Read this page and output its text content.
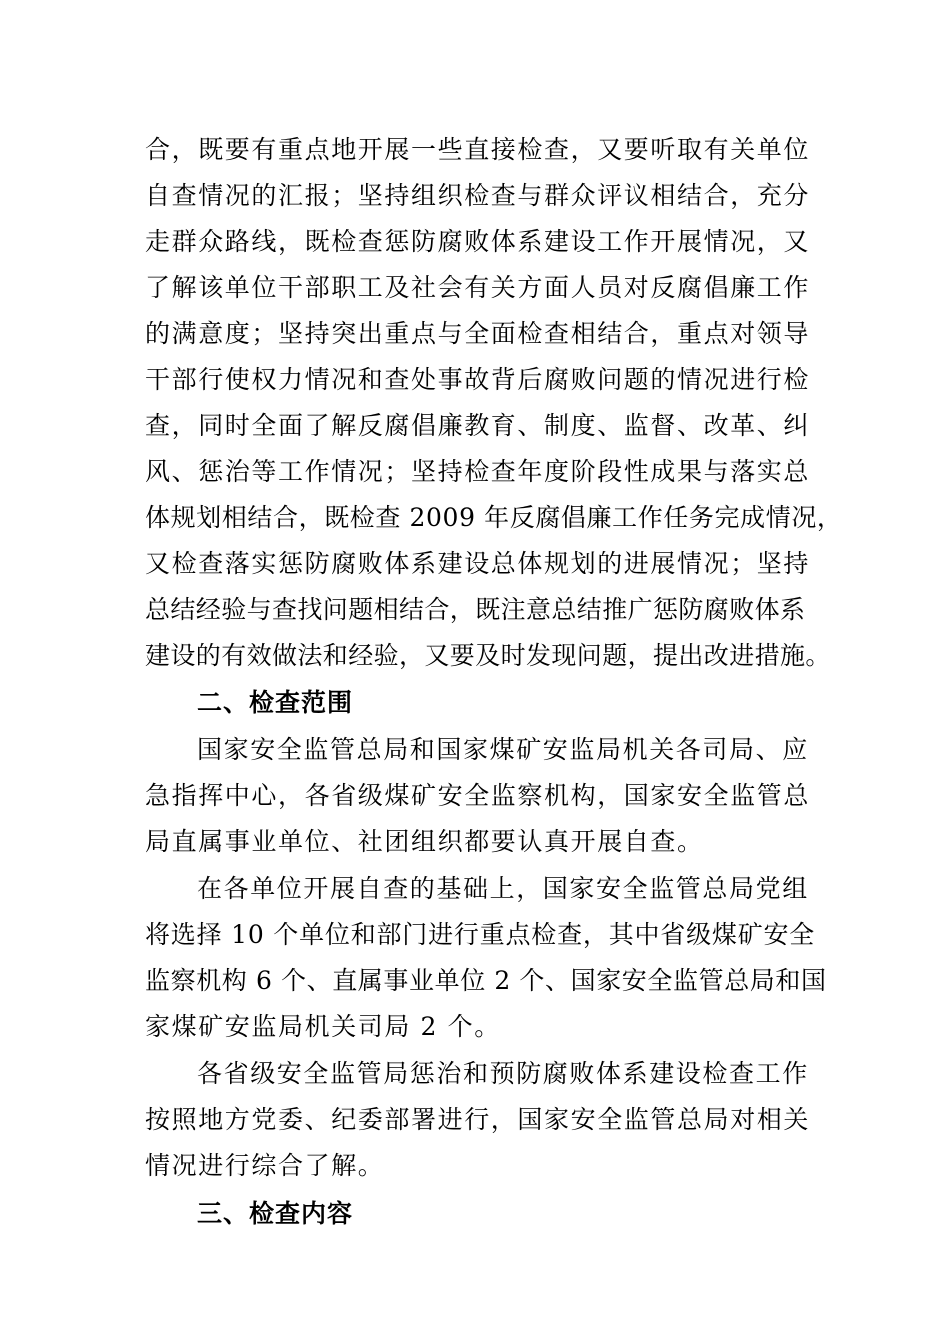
合，既要有重点地开展一些直接检查，又要听取有关单位
自查情况的汇报；坚持组织检查与群众评议相结合，充分
走群众路线，既检查惩防腐败体系建设工作开展情况，又
了解该单位干部职工及社会有关方面人员对反腐倡廉工作
的满意度；坚持突出重点与全面检查相结合，重点对领导
干部行使权力情况和查处事故背后腐败问题的情况进行检
查，同时全面了解反腐倡廉教育、制度、监督、改革、纠
风、惩治等工作情况；坚持检查年度阶段性成果与落实总
体规划相结合，既检查 2009 年反腐倡廉工作任务完成情况，
又检查落实惩防腐败体系建设总体规划的进展情况；坚持
总结经验与查找问题相结合，既注意总结推广惩防腐败体系
建设的有效做法和经验，又要及时发现问题，提出改进措施。
二、检查范围
国家安全监管总局和国家煤矿安监局机关各司局、应
急指挥中心，各省级煤矿安全监察机构，国家安全监管总
局直属事业单位、社团组织都要认真开展自查。
在各单位开展自查的基础上，国家安全监管总局党组
将选择 10 个单位和部门进行重点检查，其中省级煤矿安全
监察机构 6 个、直属事业单位 2 个、国家安全监管总局和国
家煤矿安监局机关司局 2 个。
各省级安全监管局惩治和预防腐败体系建设检查工作
按照地方党委、纪委部署进行，国家安全监管总局对相关
情况进行综合了解。
三、检查内容
